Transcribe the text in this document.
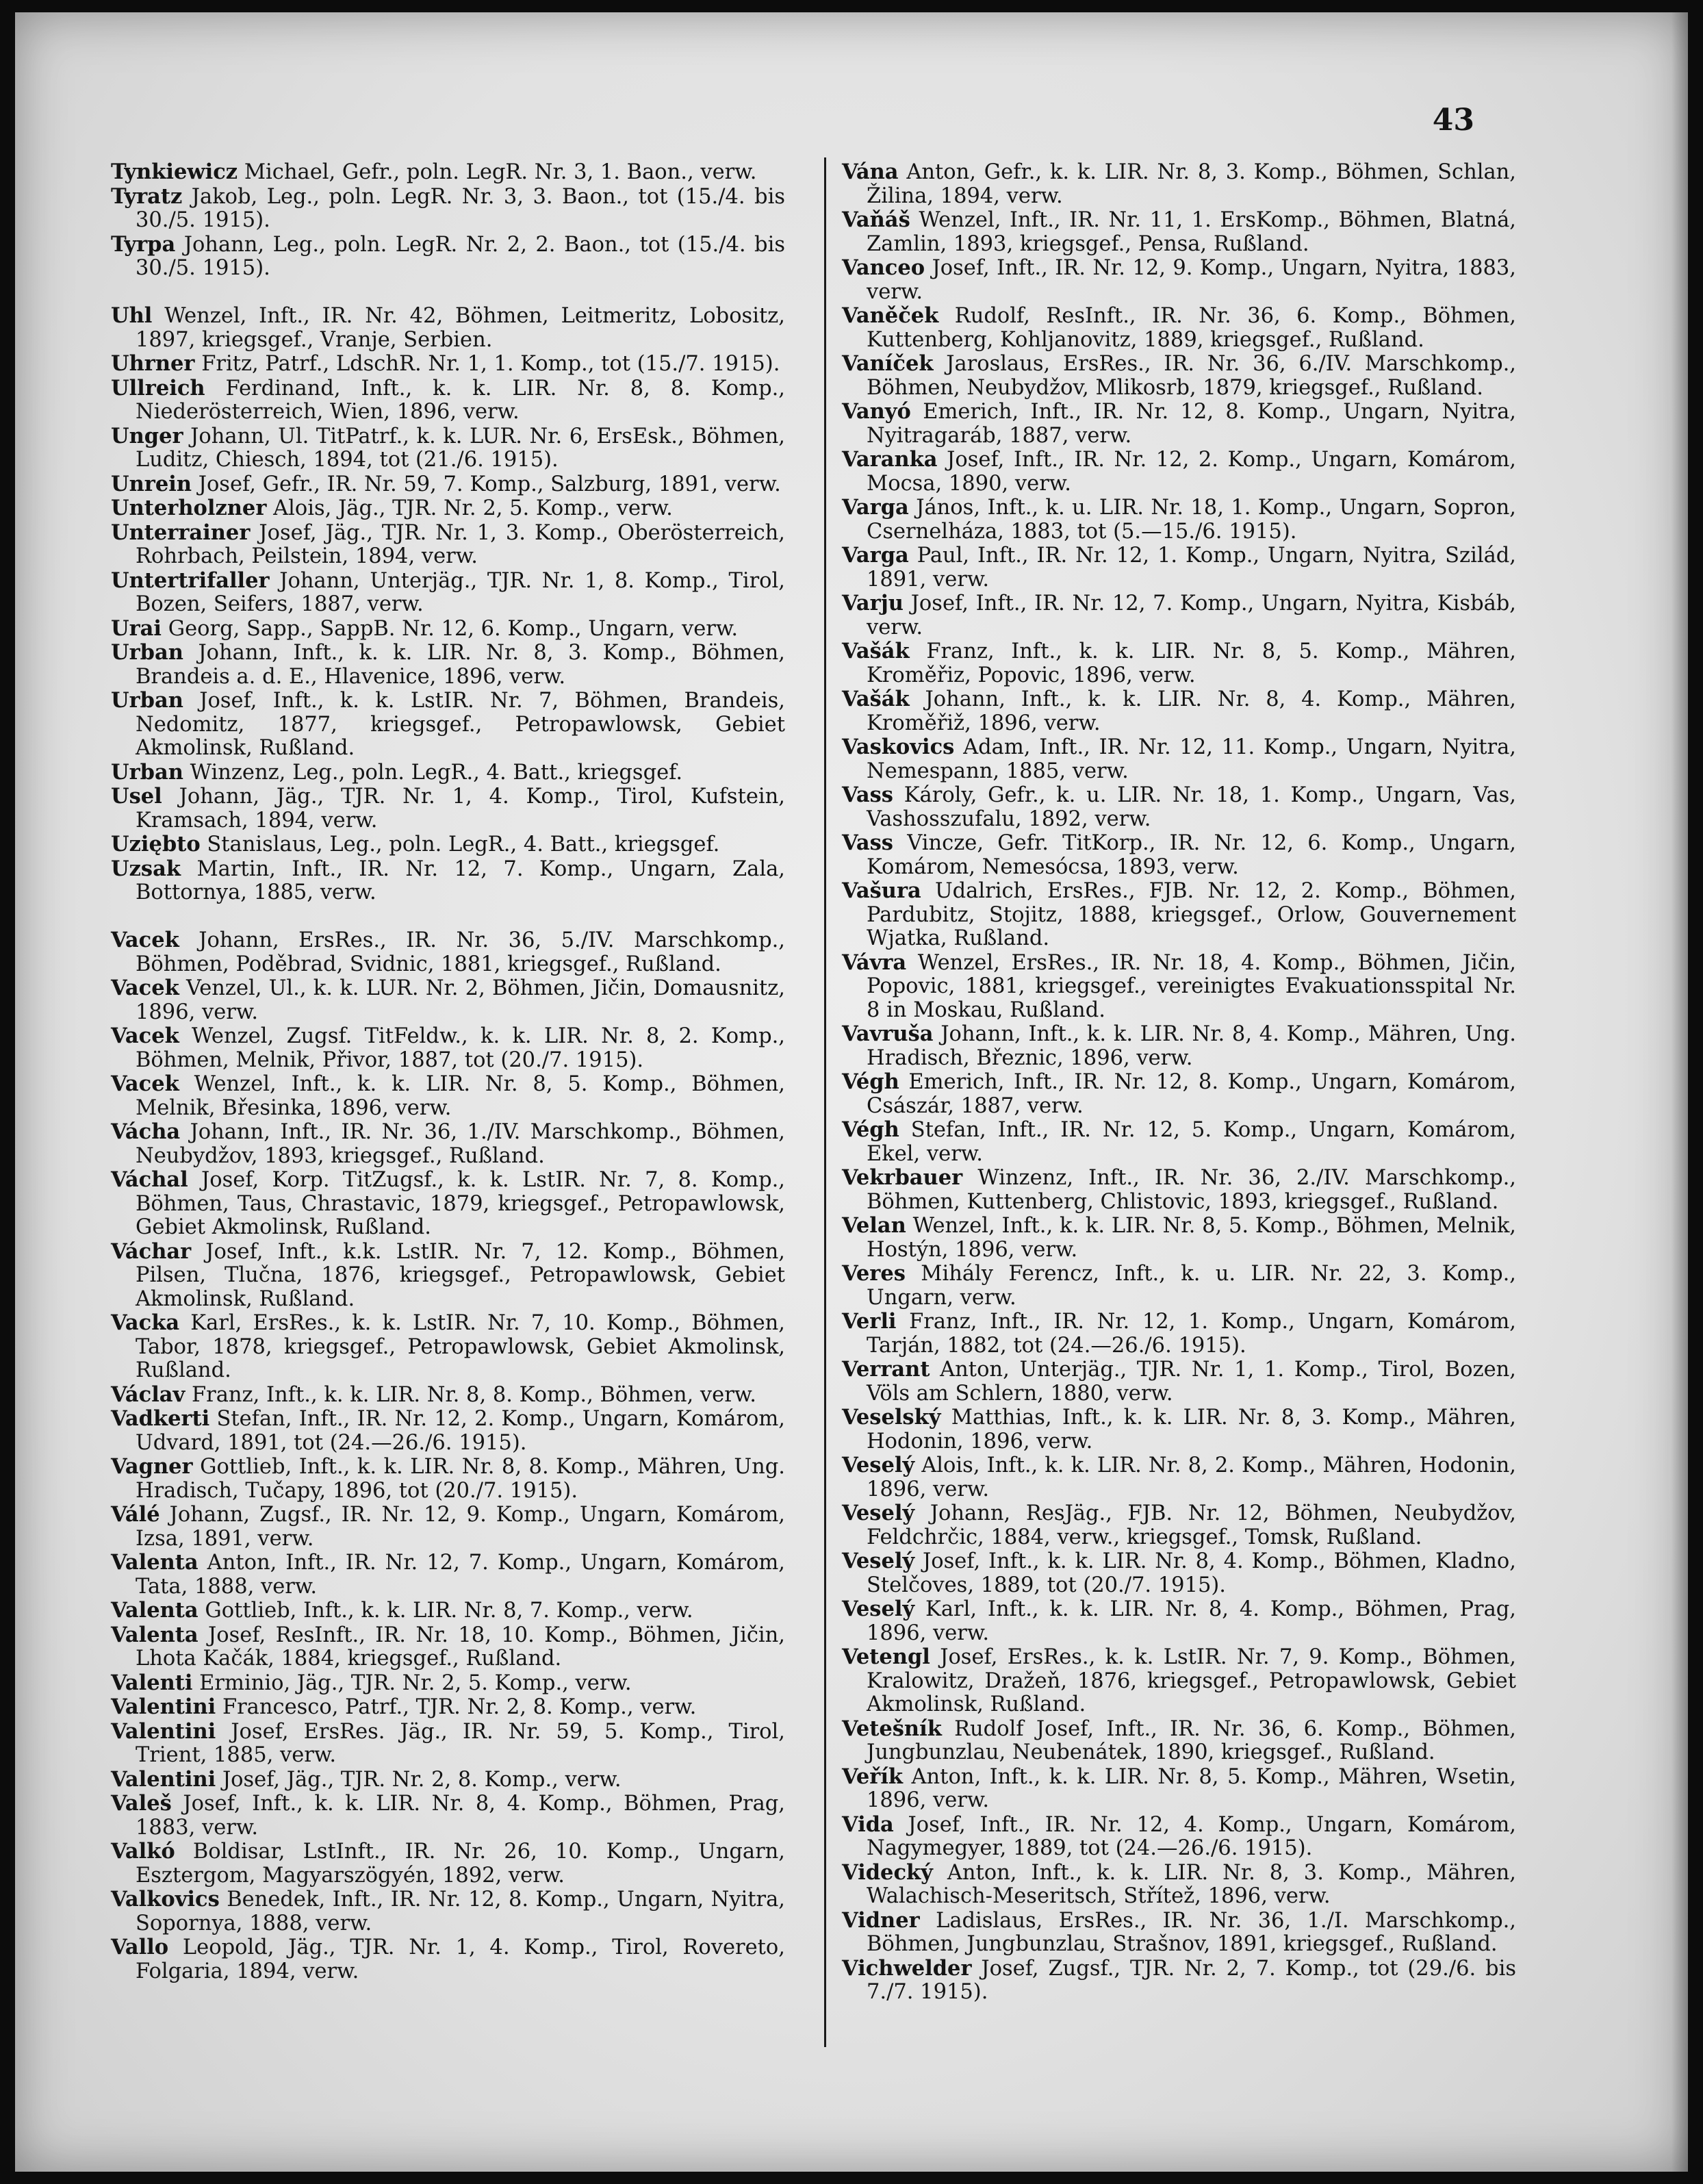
43
Tynkiewicz Michael, Gefr., poln. LegR. Nr. 3, 1. Baon., verw.
Tyratz Jakob, Leg., poln. LegR. Nr. 3, 3. Baon., tot (15./4. bis 30./5. 1915).
Tyrpa Johann, Leg., poln. LegR. Nr. 2, 2. Baon., tot (15./4. bis 30./5. 1915).
Uhl Wenzel, Inft., IR. Nr. 42, Böhmen, Leitmeritz, Lobositz, 1897, kriegsgef., Vranje, Serbien.
Uhrner Fritz, Patrf., LdschR. Nr. 1, 1. Komp., tot (15./7. 1915).
Ullreich Ferdinand, Inft., k. k. LIR. Nr. 8, 8. Komp., Niederösterreich, Wien, 1896, verw.
Unger Johann, Ul. TitPatrf., k. k. LUR. Nr. 6, ErsEsk., Böhmen, Luditz, Chiesch, 1894, tot (21./6. 1915).
Unrein Josef, Gefr., IR. Nr. 59, 7. Komp., Salzburg, 1891, verw.
Unterholzner Alois, Jäg., TJR. Nr. 2, 5. Komp., verw.
Unterrainer Josef, Jäg., TJR. Nr. 1, 3. Komp., Oberösterreich, Rohrbach, Peilstein, 1894, verw.
Untertrifaller Johann, Unterjäg., TJR. Nr. 1, 8. Komp., Tirol, Bozen, Seifers, 1887, verw.
Urai Georg, Sapp., SappB. Nr. 12, 6. Komp., Ungarn, verw.
Urban Johann, Inft., k. k. LIR. Nr. 8, 3. Komp., Böhmen, Brandeis a. d. E., Hlavenice, 1896, verw.
Urban Josef, Inft., k. k. LstIR. Nr. 7, Böhmen, Brandeis, Nedomitz, 1877, kriegsgef., Petropawlowsk, Gebiet Akmolinsk, Rußland.
Urban Winzenz, Leg., poln. LegR., 4. Batt., kriegsgef.
Usel Johann, Jäg., TJR. Nr. 1, 4. Komp., Tirol, Kufstein, Kramsach, 1894, verw.
Uziębto Stanislaus, Leg., poln. LegR., 4. Batt., kriegsgef.
Uzsak Martin, Inft., IR. Nr. 12, 7. Komp., Ungarn, Zala, Bottornya, 1885, verw.
Vacek Johann, ErsRes., IR. Nr. 36, 5./IV. Marschkomp., Böhmen, Poděbrad, Svidnic, 1881, kriegsgef., Rußland.
Vacek Venzel, Ul., k. k. LUR. Nr. 2, Böhmen, Jičin, Domausnitz, 1896, verw.
Vacek Wenzel, Zugsf. TitFeldw., k. k. LIR. Nr. 8, 2. Komp., Böhmen, Melnik, Přivor, 1887, tot (20./7. 1915).
Vacek Wenzel, Inft., k. k. LIR. Nr. 8, 5. Komp., Böhmen, Melnik, Břesinka, 1896, verw.
Vácha Johann, Inft., IR. Nr. 36, 1./IV. Marschkomp., Böhmen, Neubydžov, 1893, kriegsgef., Rußland.
Váchal Josef, Korp. TitZugsf., k. k. LstIR. Nr. 7, 8. Komp., Böhmen, Taus, Chrastavic, 1879, kriegsgef., Petropawlowsk, Gebiet Akmolinsk, Rußland.
Váchar Josef, Inft., k.k. LstIR. Nr. 7, 12. Komp., Böhmen, Pilsen, Tlučna, 1876, kriegsgef., Petropawlowsk, Gebiet Akmolinsk, Rußland.
Vacka Karl, ErsRes., k. k. LstIR. Nr. 7, 10. Komp., Böhmen, Tabor, 1878, kriegsgef., Petropawlowsk, Gebiet Akmolinsk, Rußland.
Václav Franz, Inft., k. k. LIR. Nr. 8, 8. Komp., Böhmen, verw.
Vadkerti Stefan, Inft., IR. Nr. 12, 2. Komp., Ungarn, Komárom, Udvard, 1891, tot (24.—26./6. 1915).
Vagner Gottlieb, Inft., k. k. LIR. Nr. 8, 8. Komp., Mähren, Ung. Hradisch, Tučapy, 1896, tot (20./7. 1915).
Válé Johann, Zugsf., IR. Nr. 12, 9. Komp., Ungarn, Komárom, Izsa, 1891, verw.
Valenta Anton, Inft., IR. Nr. 12, 7. Komp., Ungarn, Komárom, Tata, 1888, verw.
Valenta Gottlieb, Inft., k. k. LIR. Nr. 8, 7. Komp., verw.
Valenta Josef, ResInft., IR. Nr. 18, 10. Komp., Böhmen, Jičin, Lhota Kačák, 1884, kriegsgef., Rußland.
Valenti Erminio, Jäg., TJR. Nr. 2, 5. Komp., verw.
Valentini Francesco, Patrf., TJR. Nr. 2, 8. Komp., verw.
Valentini Josef, ErsRes. Jäg., IR. Nr. 59, 5. Komp., Tirol, Trient, 1885, verw.
Valentini Josef, Jäg., TJR. Nr. 2, 8. Komp., verw.
Valeš Josef, Inft., k. k. LIR. Nr. 8, 4. Komp., Böhmen, Prag, 1883, verw.
Valkó Boldisar, LstInft., IR. Nr. 26, 10. Komp., Ungarn, Esztergom, Magyarszögyén, 1892, verw.
Valkovics Benedek, Inft., IR. Nr. 12, 8. Komp., Ungarn, Nyitra, Sopornya, 1888, verw.
Vallo Leopold, Jäg., TJR. Nr. 1, 4. Komp., Tirol, Rovereto, Folgaria, 1894, verw.
Vána Anton, Gefr., k. k. LIR. Nr. 8, 3. Komp., Böhmen, Schlan, Žilina, 1894, verw.
Vaňáš Wenzel, Inft., IR. Nr. 11, 1. ErsKomp., Böhmen, Blatná, Zamlin, 1893, kriegsgef., Pensa, Rußland.
Vanceo Josef, Inft., IR. Nr. 12, 9. Komp., Ungarn, Nyitra, 1883, verw.
Vaněček Rudolf, ResInft., IR. Nr. 36, 6. Komp., Böhmen, Kuttenberg, Kohljanovitz, 1889, kriegsgef., Rußland.
Vaníček Jaroslaus, ErsRes., IR. Nr. 36, 6./IV. Marschkomp., Böhmen, Neubydžov, Mlikosrb, 1879, kriegsgef., Rußland.
Vanyó Emerich, Inft., IR. Nr. 12, 8. Komp., Ungarn, Nyitra, Nyitragaráb, 1887, verw.
Varanka Josef, Inft., IR. Nr. 12, 2. Komp., Ungarn, Komárom, Mocsa, 1890, verw.
Varga János, Inft., k. u. LIR. Nr. 18, 1. Komp., Ungarn, Sopron, Csernelháza, 1883, tot (5.—15./6. 1915).
Varga Paul, Inft., IR. Nr. 12, 1. Komp., Ungarn, Nyitra, Szilád, 1891, verw.
Varju Josef, Inft., IR. Nr. 12, 7. Komp., Ungarn, Nyitra, Kisbáb, verw.
Vašák Franz, Inft., k. k. LIR. Nr. 8, 5. Komp., Mähren, Kroměřiz, Popovic, 1896, verw.
Vašák Johann, Inft., k. k. LIR. Nr. 8, 4. Komp., Mähren, Kroměřiž, 1896, verw.
Vaskovics Adam, Inft., IR. Nr. 12, 11. Komp., Ungarn, Nyitra, Nemespann, 1885, verw.
Vass Károly, Gefr., k. u. LIR. Nr. 18, 1. Komp., Ungarn, Vas, Vashosszufalu, 1892, verw.
Vass Vincze, Gefr. TitKorp., IR. Nr. 12, 6. Komp., Ungarn, Komárom, Nemesócsa, 1893, verw.
Vašura Udalrich, ErsRes., FJB. Nr. 12, 2. Komp., Böhmen, Pardubitz, Stojitz, 1888, kriegsgef., Orlow, Gouvernement Wjatka, Rußland.
Vávra Wenzel, ErsRes., IR. Nr. 18, 4. Komp., Böhmen, Jičin, Popovic, 1881, kriegsgef., vereinigtes Evakuationsspital Nr. 8 in Moskau, Rußland.
Vavruša Johann, Inft., k. k. LIR. Nr. 8, 4. Komp., Mähren, Ung. Hradisch, Březnic, 1896, verw.
Végh Emerich, Inft., IR. Nr. 12, 8. Komp., Ungarn, Komárom, Császár, 1887, verw.
Végh Stefan, Inft., IR. Nr. 12, 5. Komp., Ungarn, Komárom, Ekel, verw.
Vekrbauer Winzenz, Inft., IR. Nr. 36, 2./IV. Marschkomp., Böhmen, Kuttenberg, Chlistovic, 1893, kriegsgef., Rußland.
Velan Wenzel, Inft., k. k. LIR. Nr. 8, 5. Komp., Böhmen, Melnik, Hostýn, 1896, verw.
Veres Mihály Ferencz, Inft., k. u. LIR. Nr. 22, 3. Komp., Ungarn, verw.
Verli Franz, Inft., IR. Nr. 12, 1. Komp., Ungarn, Komárom, Tarján, 1882, tot (24.—26./6. 1915).
Verrant Anton, Unterjäg., TJR. Nr. 1, 1. Komp., Tirol, Bozen, Völs am Schlern, 1880, verw.
Veselský Matthias, Inft., k. k. LIR. Nr. 8, 3. Komp., Mähren, Hodonin, 1896, verw.
Veselý Alois, Inft., k. k. LIR. Nr. 8, 2. Komp., Mähren, Hodonin, 1896, verw.
Veselý Johann, ResJäg., FJB. Nr. 12, Böhmen, Neubydžov, Feldchrčic, 1884, verw., kriegsgef., Tomsk, Rußland.
Veselý Josef, Inft., k. k. LIR. Nr. 8, 4. Komp., Böhmen, Kladno, Stelčoves, 1889, tot (20./7. 1915).
Veselý Karl, Inft., k. k. LIR. Nr. 8, 4. Komp., Böhmen, Prag, 1896, verw.
Vetengl Josef, ErsRes., k. k. LstIR. Nr. 7, 9. Komp., Böhmen, Kralowitz, Dražeň, 1876, kriegsgef., Petropawlowsk, Gebiet Akmolinsk, Rußland.
Vetešník Rudolf Josef, Inft., IR. Nr. 36, 6. Komp., Böhmen, Jungbunzlau, Neubenátek, 1890, kriegsgef., Rußland.
Veřík Anton, Inft., k. k. LIR. Nr. 8, 5. Komp., Mähren, Wsetin, 1896, verw.
Vida Josef, Inft., IR. Nr. 12, 4. Komp., Ungarn, Komárom, Nagymegyer, 1889, tot (24.—26./6. 1915).
Videcký Anton, Inft., k. k. LIR. Nr. 8, 3. Komp., Mähren, Walachisch-Meseritsch, Střítež, 1896, verw.
Vidner Ladislaus, ErsRes., IR. Nr. 36, 1./I. Marschkomp., Böhmen, Jungbunzlau, Strašnov, 1891, kriegsgef., Rußland.
Vichwelder Josef, Zugsf., TJR. Nr. 2, 7. Komp., tot (29./6. bis 7./7. 1915).
